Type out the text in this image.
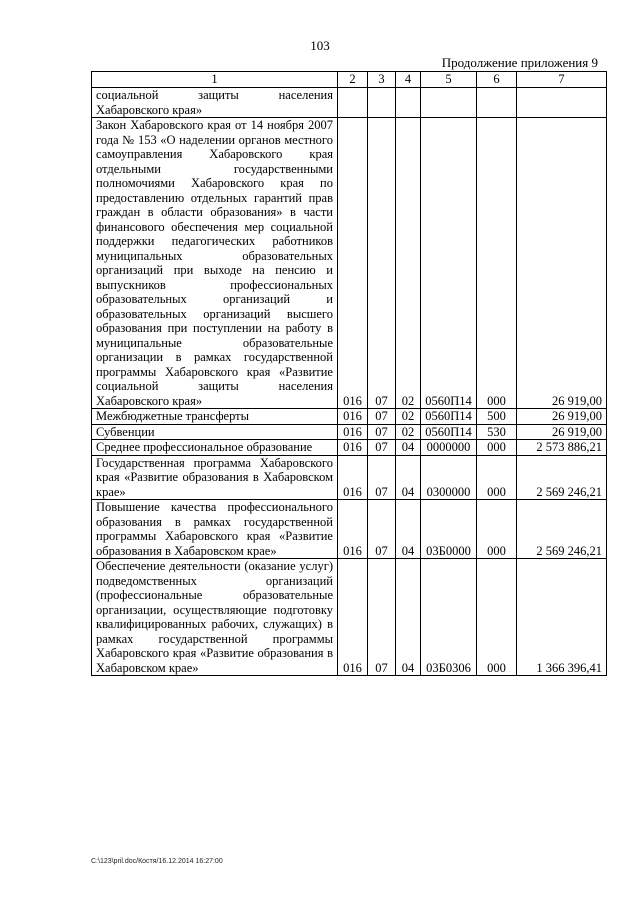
103
Продолжение приложения 9
1	2	3	4	5	6	7
социальной защиты населения Хабаровского края»						
Закон Хабаровского края от 14 ноября 2007 года № 153 «О наделении органов местного самоуправления Хабаровского края отдельными государственными полномочиями Хабаровского края по предоставлению отдельных гарантий прав граждан в области образования» в части финансового обеспечения мер социальной поддержки педагогических работников муниципальных образовательных организаций при выходе на пенсию и выпускников профессиональных образовательных организаций и образовательных организаций высшего образования при поступлении на работу в муниципальные образовательные организации в рамках государственной программы Хабаровского края «Развитие социальной защиты населения Хабаровского края»	016	07	02	0560П14	000	26 919,00
Межбюджетные трансферты	016	07	02	0560П14	500	26 919,00
Субвенции	016	07	02	0560П14	530	26 919,00
Среднее профессиональное образование	016	07	04	0000000	000	2 573 886,21
Государственная программа Хабаровского края «Развитие образования в Хабаровском крае»	016	07	04	0300000	000	2 569 246,21
Повышение качества профессионального образования в рамках государственной программы Хабаровского края «Развитие образования в Хабаровском крае»	016	07	04	03Б0000	000	2 569 246,21
Обеспечение деятельности (оказание услуг) подведомственных организаций (профессиональные образовательные организации, осуществляющие подготовку квалифицированных рабочих, служащих) в рамках государственной программы Хабаровского края «Развитие образования в Хабаровском крае»	016	07	04	03Б0306	000	1 366 396,41
C:\123\pril.doc/Костя/16.12.2014 16:27:00
